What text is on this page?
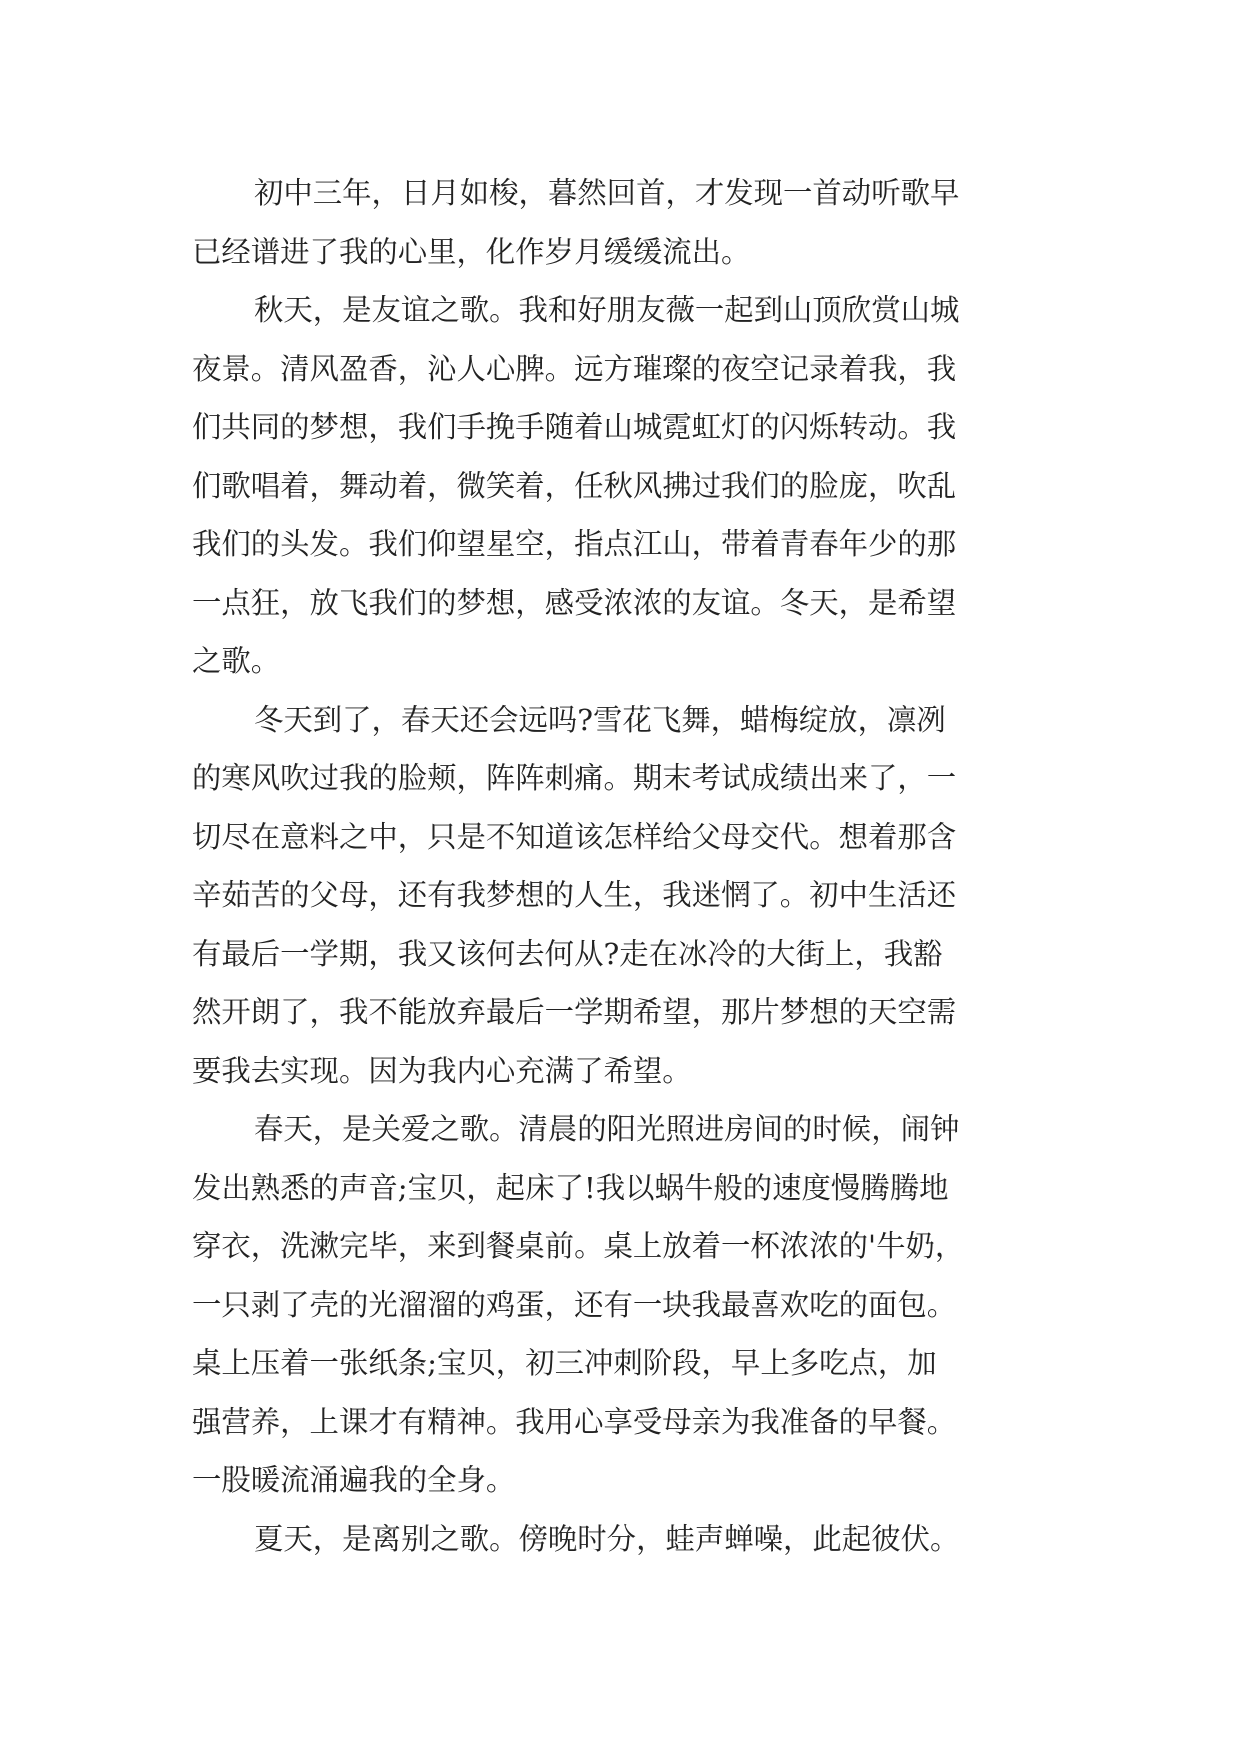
初中三年，日月如梭，暮然回首，才发现一首动听歌早
已经谱进了我的心里，化作岁月缓缓流出。
秋天，是友谊之歌。我和好朋友薇一起到山顶欣赏山城
夜景。清风盈香，沁人心脾。远方璀璨的夜空记录着我，我
们共同的梦想，我们手挽手随着山城霓虹灯的闪烁转动。我
们歌唱着，舞动着，微笑着，任秋风拂过我们的脸庞，吹乱
我们的头发。我们仰望星空，指点江山，带着青春年少的那
一点狂，放飞我们的梦想，感受浓浓的友谊。冬天，是希望
之歌。
冬天到了，春天还会远吗?雪花飞舞，蜡梅绽放，凛冽
的寒风吹过我的脸颊，阵阵刺痛。期末考试成绩出来了，一
切尽在意料之中，只是不知道该怎样给父母交代。想着那含
辛茹苦的父母，还有我梦想的人生，我迷惘了。初中生活还
有最后一学期，我又该何去何从?走在冰冷的大街上，我豁
然开朗了，我不能放弃最后一学期希望，那片梦想的天空需
要我去实现。因为我内心充满了希望。
春天，是关爱之歌。清晨的阳光照进房间的时候，闹钟
发出熟悉的声音;宝贝，起床了!我以蜗牛般的速度慢腾腾地
穿衣，洗漱完毕，来到餐桌前。桌上放着一杯浓浓的'牛奶，
一只剥了壳的光溜溜的鸡蛋，还有一块我最喜欢吃的面包。
桌上压着一张纸条;宝贝，初三冲刺阶段，早上多吃点，加
强营养，上课才有精神。我用心享受母亲为我准备的早餐。
一股暖流涌遍我的全身。
夏天，是离别之歌。傍晚时分，蛙声蝉噪，此起彼伏。
